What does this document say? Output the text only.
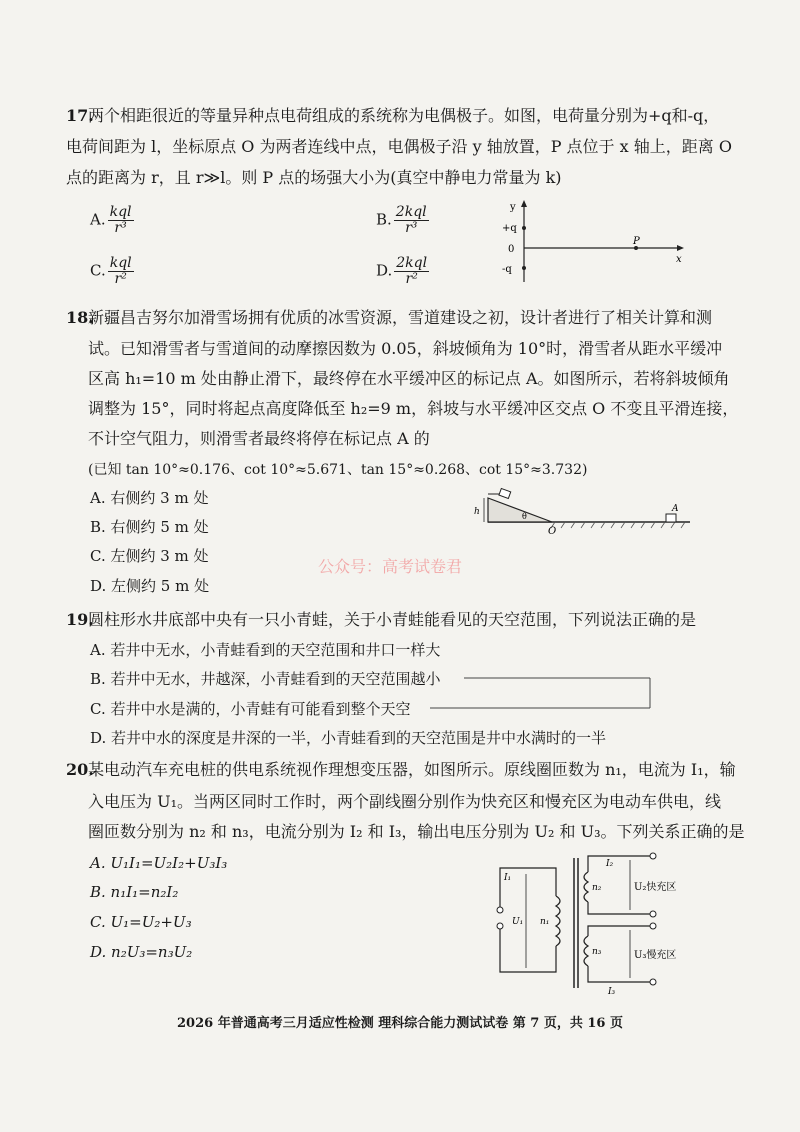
17.
两个相距很近的等量异种点电荷组成的系统称为电偶极子。如图，电荷量分别为+q和-q，
电荷间距为 l，坐标原点 O 为两者连线中点，电偶极子沿 y 轴放置，P 点位于 x 轴上，距离 O
点的距离为 r，且 r≫l。则 P 点的场强大小为(真空中静电力常量为 k)
A. $\frac{\text{kql}}{\text{r³}}$	B. $\frac{\text{2kql}}{\text{r³}}$
C. $\frac{\text{kql}}{\text{r²}}$	D. $\frac{\text{2kql}}{\text{r²}}$
y
+q
0
-q
P
x
18.
新疆昌吉努尔加滑雪场拥有优质的冰雪资源，雪道建设之初，设计者进行了相关计算和测
试。已知滑雪者与雪道间的动摩擦因数为 0.05，斜坡倾角为 10°时，滑雪者从距水平缓冲
区高 h₁=10 m 处由静止滑下，最终停在水平缓冲区的标记点 A。如图所示，若将斜坡倾角
调整为 15°，同时将起点高度降低至 h₂=9 m，斜坡与水平缓冲区交点 O 不变且平滑连接，
不计空气阻力，则滑雪者最终将停在标记点 A 的
(已知 tan 10°≈0.176、cot 10°≈5.671、tan 15°≈0.268、cot 15°≈3.732)
A. 右侧约 3 m 处
B. 右侧约 5 m 处
C. 左侧约 3 m 处
D. 左侧约 5 m 处
h	θ
O
A
公众号：高考试卷君
19.
圆柱形水井底部中央有一只小青蛙，关于小青蛙能看见的天空范围，下列说法正确的是
A. 若井中无水，小青蛙看到的天空范围和井口一样大
B. 若井中无水，井越深，小青蛙看到的天空范围越小
C. 若井中水是满的，小青蛙有可能看到整个天空
D. 若井中水的深度是井深的一半，小青蛙看到的天空范围是井中水满时的一半
20.
某电动汽车充电桩的供电系统视作理想变压器，如图所示。原线圈匝数为 n₁，电流为 I₁，输
入电压为 U₁。当两区同时工作时，两个副线圈分别作为快充区和慢充区为电动车供电，线
圈匝数分别为 n₂ 和 n₃，电流分别为 I₂ 和 I₃，输出电压分别为 U₂ 和 U₃。下列关系正确的是
A. U₁I₁=U₂I₂+U₃I₃
B. n₁I₁=n₂I₂
C. U₁=U₂+U₃
D. n₂U₃=n₃U₂
I₁
U₁ n₁
I₂
n₂	U₂快充区
n₃	U₃慢充区
I₃
2026 年普通高考三月适应性检测 理科综合能力测试试卷 第 7 页，共 16 页
